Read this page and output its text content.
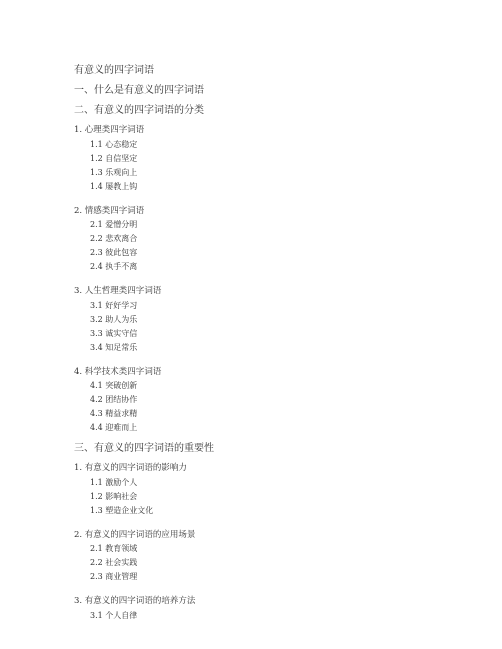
有意义的四字词语
一、什么是有意义的四字词语
二、有意义的四字词语的分类
1. 心理类四字词语
1.1 心态稳定
1.2 自信坚定
1.3 乐观向上
1.4 屡教上钩
2. 情感类四字词语
2.1 爱憎分明
2.2 悲欢离合
2.3 彼此包容
2.4 执手不离
3. 人生哲理类四字词语
3.1 好好学习
3.2 助人为乐
3.3 诚实守信
3.4 知足常乐
4. 科学技术类四字词语
4.1 突破创新
4.2 团结协作
4.3 精益求精
4.4 迎难而上
三、有意义的四字词语的重要性
1. 有意义的四字词语的影响力
1.1 激励个人
1.2 影响社会
1.3 塑造企业文化
2. 有意义的四字词语的应用场景
2.1 教育领域
2.2 社会实践
2.3 商业管理
3. 有意义的四字词语的培养方法
3.1 个人自律
